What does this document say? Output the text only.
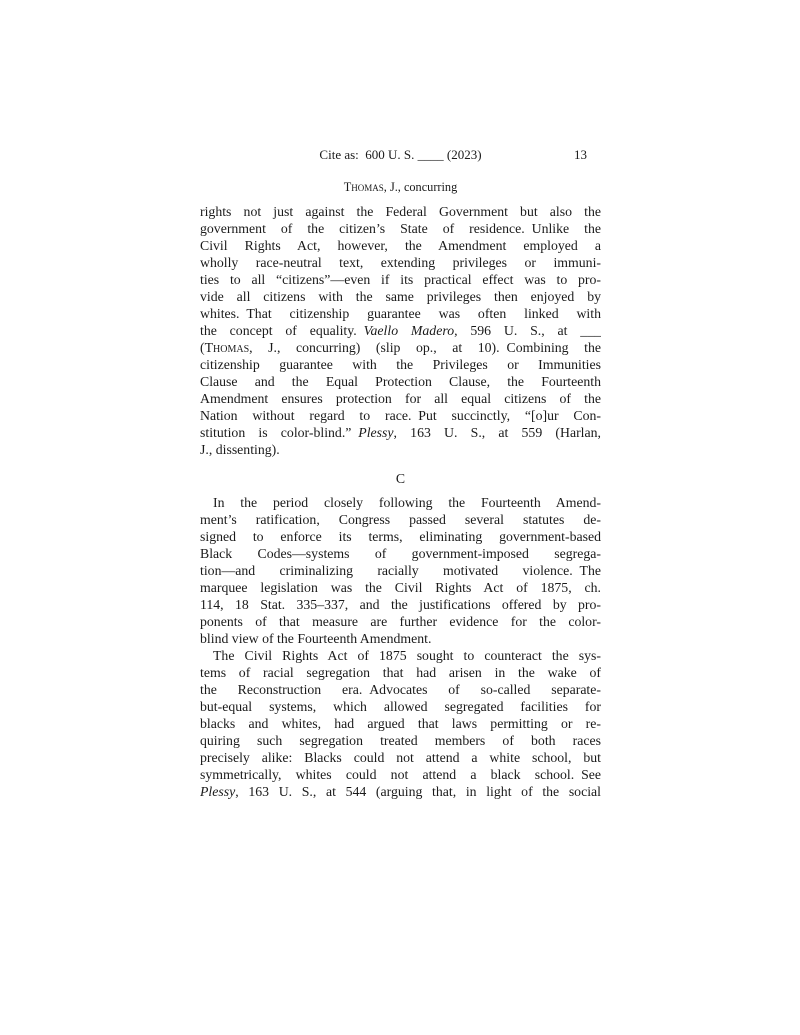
Cite as: 600 U. S. ____ (2023)	13
Thomas, J., concurring
rights not just against the Federal Government but also the
government of the citizen’s State of residence. Unlike the
Civil Rights Act, however, the Amendment employed a
wholly race-neutral text, extending privileges or immuni-
ties to all “citizens”—even if its practical effect was to pro-
vide all citizens with the same privileges then enjoyed by
whites. That citizenship guarantee was often linked with
the concept of equality. Vaello Madero, 596 U. S., at ___
(Thomas, J., concurring) (slip op., at 10). Combining the
citizenship guarantee with the Privileges or Immunities
Clause and the Equal Protection Clause, the Fourteenth
Amendment ensures protection for all equal citizens of the
Nation without regard to race. Put succinctly, “[o]ur Con-
stitution is color-blind.” Plessy, 163 U. S., at 559 (Harlan,
J., dissenting).
C
In the period closely following the Fourteenth Amend-
ment’s ratification, Congress passed several statutes de-
signed to enforce its terms, eliminating government-based
Black Codes—systems of government-imposed segrega-
tion—and criminalizing racially motivated violence. The
marquee legislation was the Civil Rights Act of 1875, ch.
114, 18 Stat. 335–337, and the justifications offered by pro-
ponents of that measure are further evidence for the color-
blind view of the Fourteenth Amendment.
The Civil Rights Act of 1875 sought to counteract the sys-
tems of racial segregation that had arisen in the wake of
the Reconstruction era. Advocates of so-called separate-
but-equal systems, which allowed segregated facilities for
blacks and whites, had argued that laws permitting or re-
quiring such segregation treated members of both races
precisely alike: Blacks could not attend a white school, but
symmetrically, whites could not attend a black school. See
Plessy, 163 U. S., at 544 (arguing that, in light of the social
